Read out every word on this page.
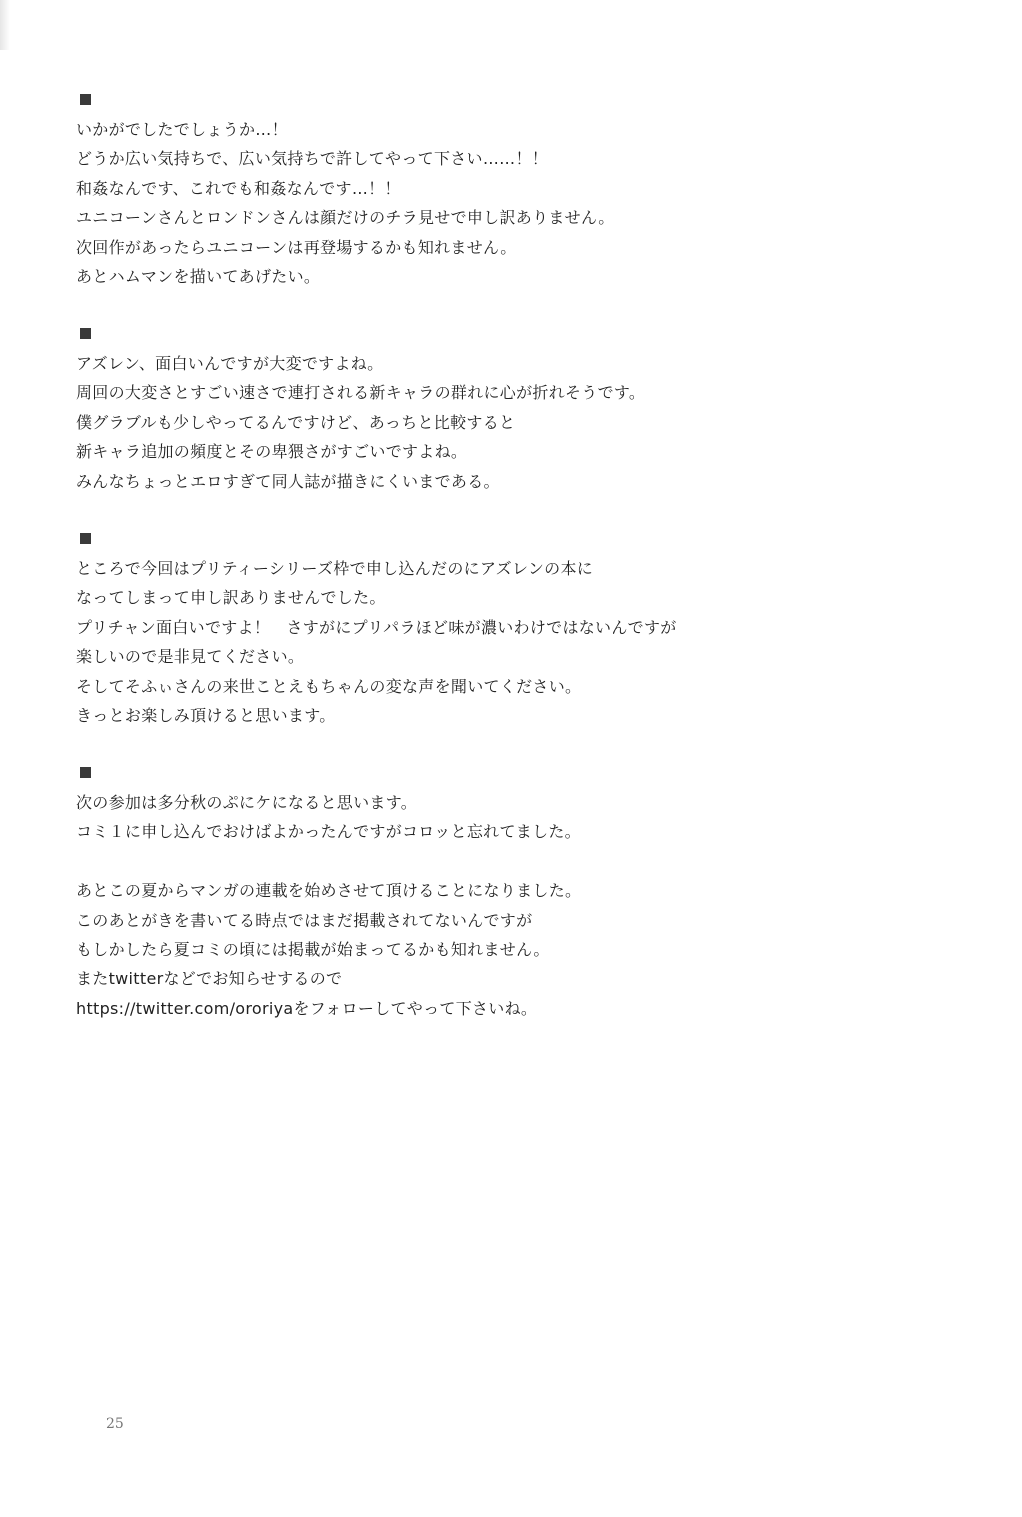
いかがでしたでしょうか…！
どうか広い気持ちで、広い気持ちで許してやって下さい……！！
和姦なんです、これでも和姦なんです…！！
ユニコーンさんとロンドンさんは顔だけのチラ見せで申し訳ありません。
次回作があったらユニコーンは再登場するかも知れません。
あとハムマンを描いてあげたい。
アズレン、面白いんですが大変ですよね。
周回の大変さとすごい速さで連打される新キャラの群れに心が折れそうです。
僕グラブルも少しやってるんですけど、あっちと比較すると
新キャラ追加の頻度とその卑猥さがすごいですよね。
みんなちょっとエロすぎて同人誌が描きにくいまである。
ところで今回はプリティーシリーズ枠で申し込んだのにアズレンの本に
なってしまって申し訳ありませんでした。
プリチャン面白いですよ！　さすがにプリパラほど味が濃いわけではないんですが
楽しいので是非見てください。
そしてそふぃさんの来世ことえもちゃんの変な声を聞いてください。
きっとお楽しみ頂けると思います。
次の参加は多分秋のぷにケになると思います。
コミ１に申し込んでおけばよかったんですがコロッと忘れてました。
あとこの夏からマンガの連載を始めさせて頂けることになりました。
このあとがきを書いてる時点ではまだ掲載されてないんですが
もしかしたら夏コミの頃には掲載が始まってるかも知れません。
またtwitterなどでお知らせするので
https://twitter.com/ororiyaをフォローしてやって下さいね。
25
